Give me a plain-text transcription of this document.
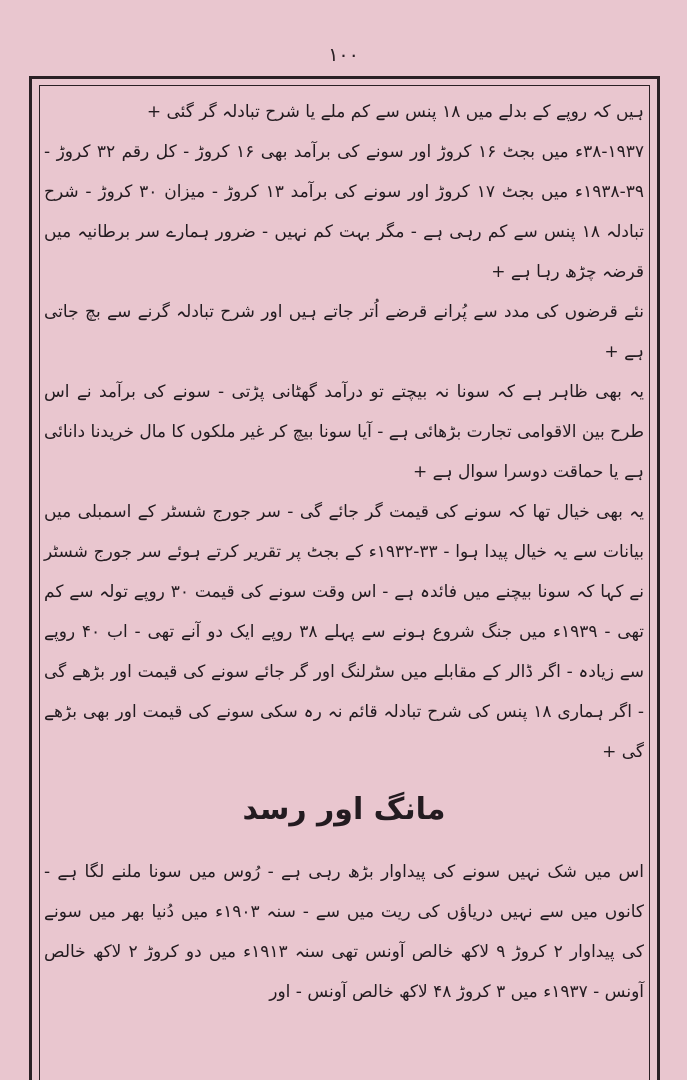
۱۰۰

ہیں کہ روپے کے بدلے میں ۱۸ پنس سے کم ملے یا شرح تبادلہ گر گئی +

۳۸-۱۹۳۷ء میں بجٹ ۱۶ کروڑ اور سونے کی برآمد بھی ۱۶ کروڑ - کل رقم ۳۲ کروڑ - ۳۹-۱۹۳۸ء میں بجٹ ۱۷ کروڑ اور سونے کی برآمد ۱۳ کروڑ - میزان ۳۰ کروڑ - شرح تبادلہ ۱۸ پنس سے کم رہی ہے - مگر بہت کم نہیں - ضرور ہمارے سر برطانیہ میں قرضہ چڑھ رہا ہے +

نئے قرضوں کی مدد سے پُرانے قرضے اُتر جاتے ہیں اور شرح تبادلہ گرنے سے بچ جاتی ہے +

یہ بھی ظاہر ہے کہ سونا نہ بیچتے تو درآمد گھٹانی پڑتی - سونے کی برآمد نے اس طرح بین الاقوامی تجارت بڑھائی ہے - آیا سونا بیچ کر غیر ملکوں کا مال خریدنا دانائی ہے یا حماقت دوسرا سوال ہے +

یہ بھی خیال تھا کہ سونے کی قیمت گر جائے گی - سر جورج شسٹر کے اسمبلی میں بیانات سے یہ خیال پیدا ہوا - ۳۳-۱۹۳۲ء کے بجٹ پر تقریر کرتے ہوئے سر جورج شسٹر نے کہا کہ سونا بیچنے میں فائدہ ہے - اس وقت سونے کی قیمت ۳۰ روپے تولہ سے کم تھی - ۱۹۳۹ء میں جنگ شروع ہونے سے پہلے ۳۸ روپے ایک دو آنے تھی - اب ۴۰ روپے سے زیادہ - اگر ڈالر کے مقابلے میں سٹرلنگ اور گر جائے سونے کی قیمت اور بڑھے گی - اگر ہماری ۱۸ پنس کی شرح تبادلہ قائم نہ رہ سکی سونے کی قیمت اور بھی بڑھے گی +

مانگ اور رسد

اس میں شک نہیں سونے کی پیداوار بڑھ رہی ہے - رُوس میں سونا ملنے لگا ہے - کانوں میں سے نہیں دریاؤں کی ریت میں سے - سنہ ۱۹۰۳ء میں دُنیا بھر میں سونے کی پیداوار ۲ کروڑ ۹ لاکھ خالص آونس تھی سنہ ۱۹۱۳ء میں دو کروڑ ۲ لاکھ خالص آونس - ۱۹۳۷ء میں ۳ کروڑ ۴۸ لاکھ خالص آونس - اور
